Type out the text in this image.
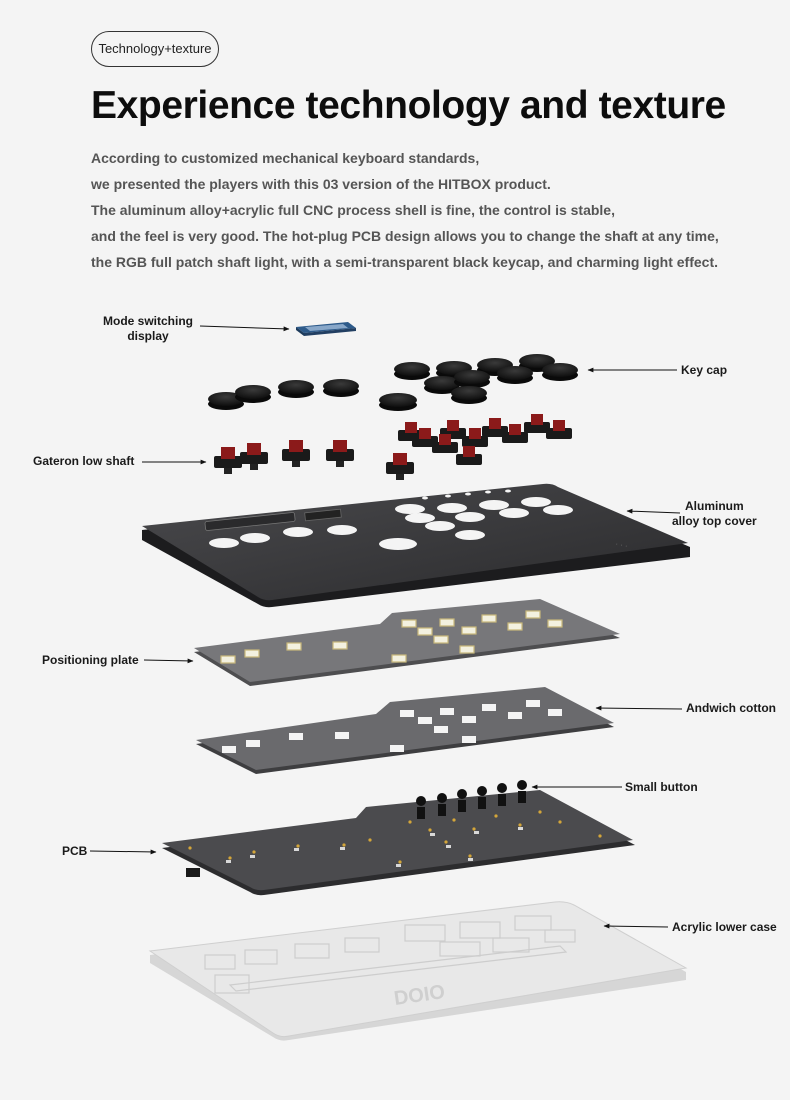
Technology+texture
Experience technology and texture

According to customized mechanical keyboard standards,

we presented the players with this 03 version of the HITBOX product.

The aluminum alloy+acrylic full CNC process shell is fine, the control is stable,

and the feel is very good. The hot-plug PCB design allows you to change the shaft at any time,

the RGB full patch shaft light, with a semi-transparent black keycap, and charming light effect.

· · ·
DOIO
Mode switching
display
Key cap
Gateron low shaft
Aluminum
alloy top cover
Positioning plate
Andwich cotton
Small button
PCB
Acrylic lower case
